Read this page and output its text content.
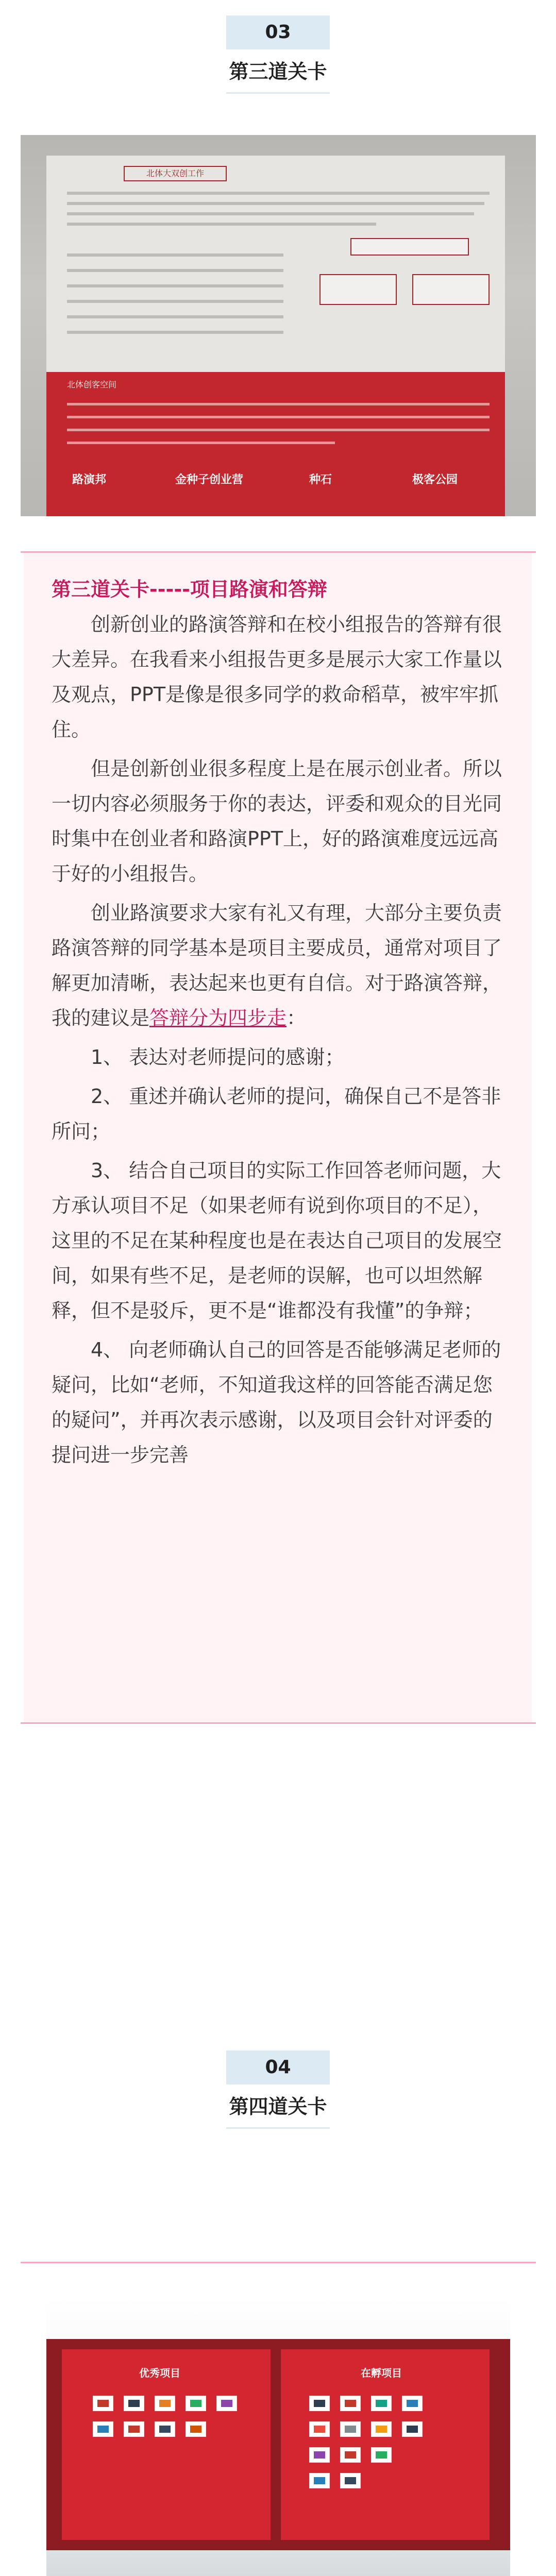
03
第三道关卡
北体大双创工作
北体创客空间
路演邦	金种子创业营	种石	极客公园
第三道关卡-----项目路演和答辩

创新创业的路演答辩和在校小组报告的答辩有很大差异。在我看来小组报告更多是展示大家工作量以及观点，PPT是像是很多同学的救命稻草，被牢牢抓住。

但是创新创业很多程度上是在展示创业者。所以一切内容必须服务于你的表达，评委和观众的目光同时集中在创业者和路演PPT上，好的路演难度远远高于好的小组报告。

创业路演要求大家有礼又有理，大部分主要负责路演答辩的同学基本是项目主要成员，通常对项目了解更加清晰，表达起来也更有自信。对于路演答辩，我的建议是答辩分为四步走：

1、 表达对老师提问的感谢；

2、 重述并确认老师的提问，确保自己不是答非所问；

3、 结合自己项目的实际工作回答老师问题，大方承认项目不足（如果老师有说到你项目的不足），这里的不足在某种程度也是在表达自己项目的发展空间，如果有些不足，是老师的误解，也可以坦然解释，但不是驳斥，更不是“谁都没有我懂”的争辩；

4、 向老师确认自己的回答是否能够满足老师的疑问，比如“老师，不知道我这样的回答能否满足您的疑问”，并再次表示感谢，以及项目会针对评委的提问进一步完善

04
第四道关卡
优秀项目	在孵项目
